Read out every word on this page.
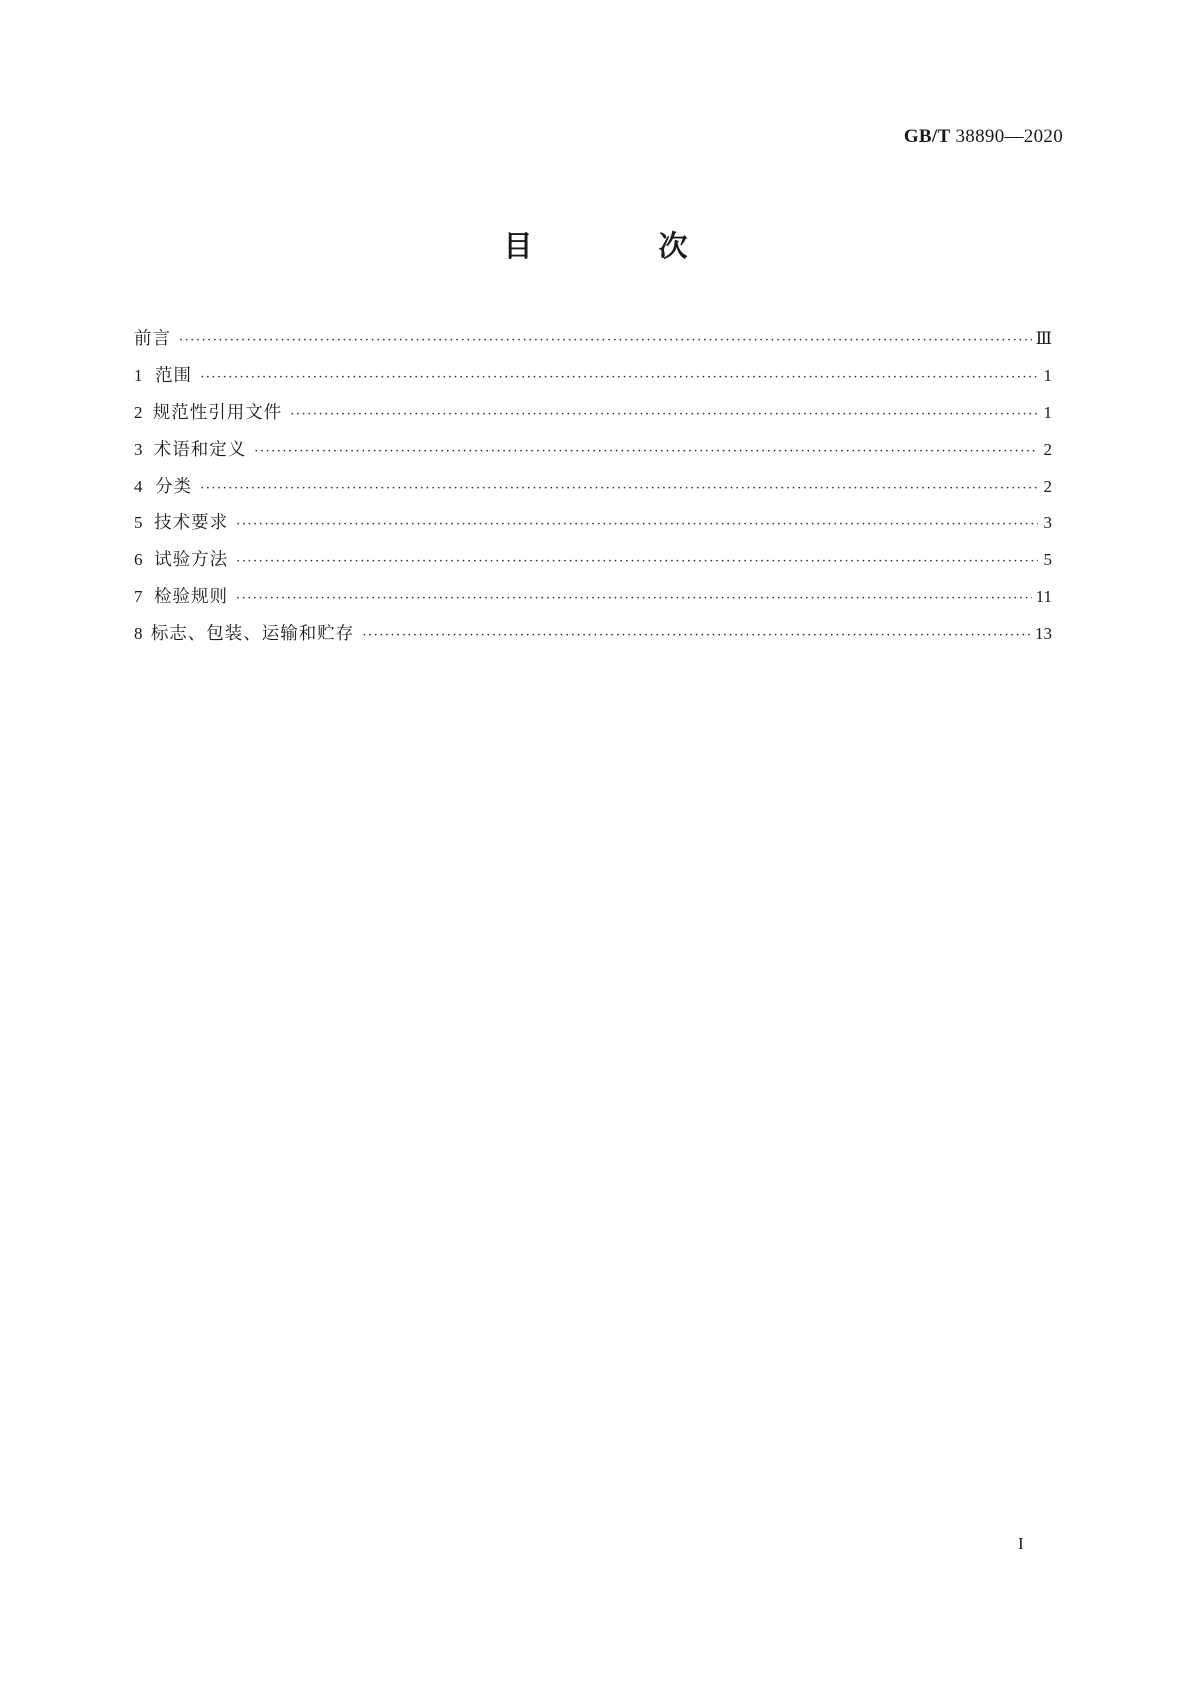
GB/T 38890—2020
目 次
前言 ·····	Ⅲ
1 范围 ·····	1
2 规范性引用文件 ·····	1
3 术语和定义 ·····	2
4 分类 ·····	2
5 技术要求 ·····	3
6 试验方法 ·····	5
7 检验规则 ·····	11
8 标志、包装、运输和贮存 ·····	13
I
